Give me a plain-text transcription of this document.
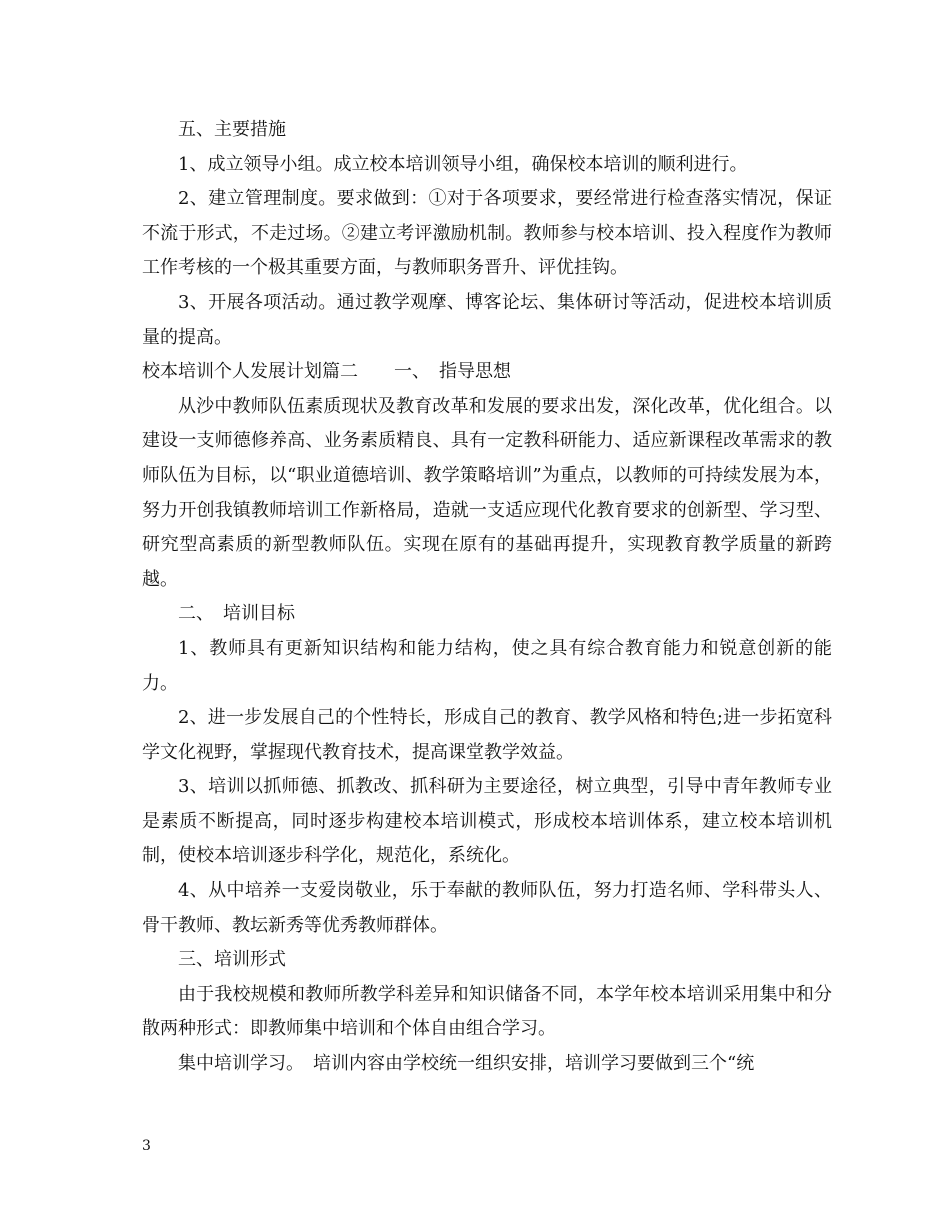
五、主要措施

1、成立领导小组。成立校本培训领导小组，确保校本培训的顺利进行。

2、建立管理制度。要求做到：①对于各项要求，要经常进行检查落实情况，保证不流于形式，不走过场。②建立考评激励机制。教师参与校本培训、投入程度作为教师工作考核的一个极其重要方面，与教师职务晋升、评优挂钩。

3、开展各项活动。通过教学观摩、博客论坛、集体研讨等活动，促进校本培训质量的提高。

校本培训个人发展计划篇二　　一、　指导思想

从沙中教师队伍素质现状及教育改革和发展的要求出发，深化改革，优化组合。以建设一支师德修养高、业务素质精良、具有一定教科研能力、适应新课程改革需求的教师队伍为目标，以“职业道德培训、教学策略培训”为重点，以教师的可持续发展为本，努力开创我镇教师培训工作新格局，造就一支适应现代化教育要求的创新型、学习型、研究型高素质的新型教师队伍。实现在原有的基础再提升，实现教育教学质量的新跨越。

二、　培训目标

1、教师具有更新知识结构和能力结构，使之具有综合教育能力和锐意创新的能力。

2、进一步发展自己的个性特长，形成自己的教育、教学风格和特色;进一步拓宽科学文化视野，掌握现代教育技术，提高课堂教学效益。

3、培训以抓师德、抓教改、抓科研为主要途径，树立典型，引导中青年教师专业是素质不断提高，同时逐步构建校本培训模式，形成校本培训体系，建立校本培训机制，使校本培训逐步科学化，规范化，系统化。

4、从中培养一支爱岗敬业，乐于奉献的教师队伍，努力打造名师、学科带头人、骨干教师、教坛新秀等优秀教师群体。

三、培训形式

由于我校规模和教师所教学科差异和知识储备不同，本学年校本培训采用集中和分散两种形式：即教师集中培训和个体自由组合学习。

集中培训学习。　培训内容由学校统一组织安排，培训学习要做到三个“统

3
